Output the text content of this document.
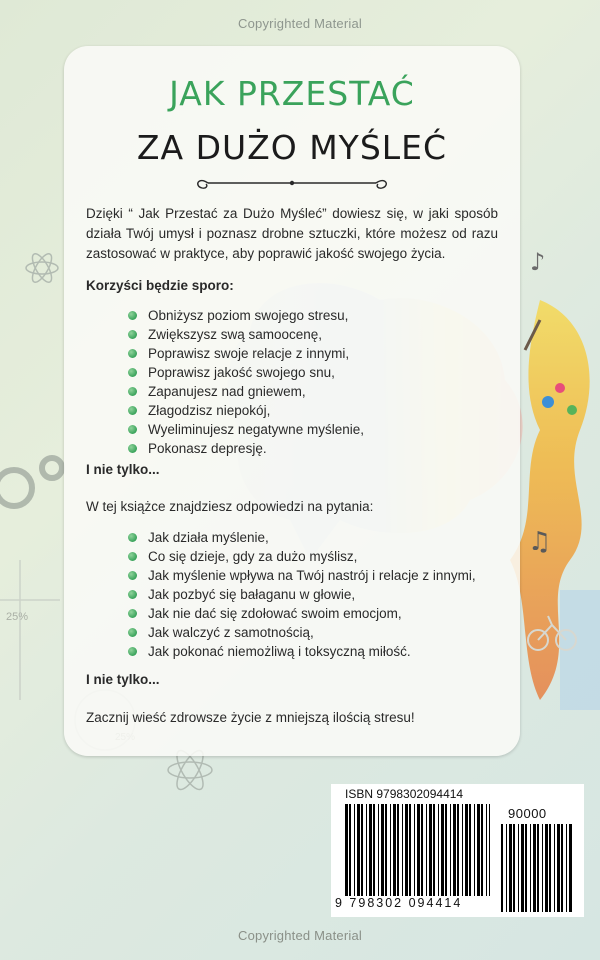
♪
♫
25%
Copyrighted Material
JAK PRZESTAĆ
ZA DUŻO MYŚLEĆ
Dzięki “ Jak Przestać za Dużo Myśleć” dowiesz się, w jaki sposób działa Twój umysł i poznasz drobne sztuczki, które możesz od razu zastosować w praktyce, aby poprawić jakość swojego życia.
Korzyści będzie sporo:
Obniżysz poziom swojego stresu,
Zwiększysz swą samoocenę,
Poprawisz swoje relacje z innymi,
Poprawisz jakość swojego snu,
Zapanujesz nad gniewem,
Złagodzisz niepokój,
Wyeliminujesz negatywne myślenie,
Pokonasz depresję.
I nie tylko...
W tej książce znajdziesz odpowiedzi na pytania:
Jak działa myślenie,
Co się dzieje, gdy za dużo myślisz,
Jak myślenie wpływa na Twój nastrój i relacje z innymi,
Jak pozbyć się bałaganu w głowie,
Jak nie dać się zdołować swoim emocjom,
Jak walczyć z samotnością,
Jak pokonać niemożliwą i toksyczną miłość.
I nie tylko...
Zacznij wieść zdrowsze życie z mniejszą ilością stresu!
ISBN 9798302094414
90000
9 798302 094414
Copyrighted Material
